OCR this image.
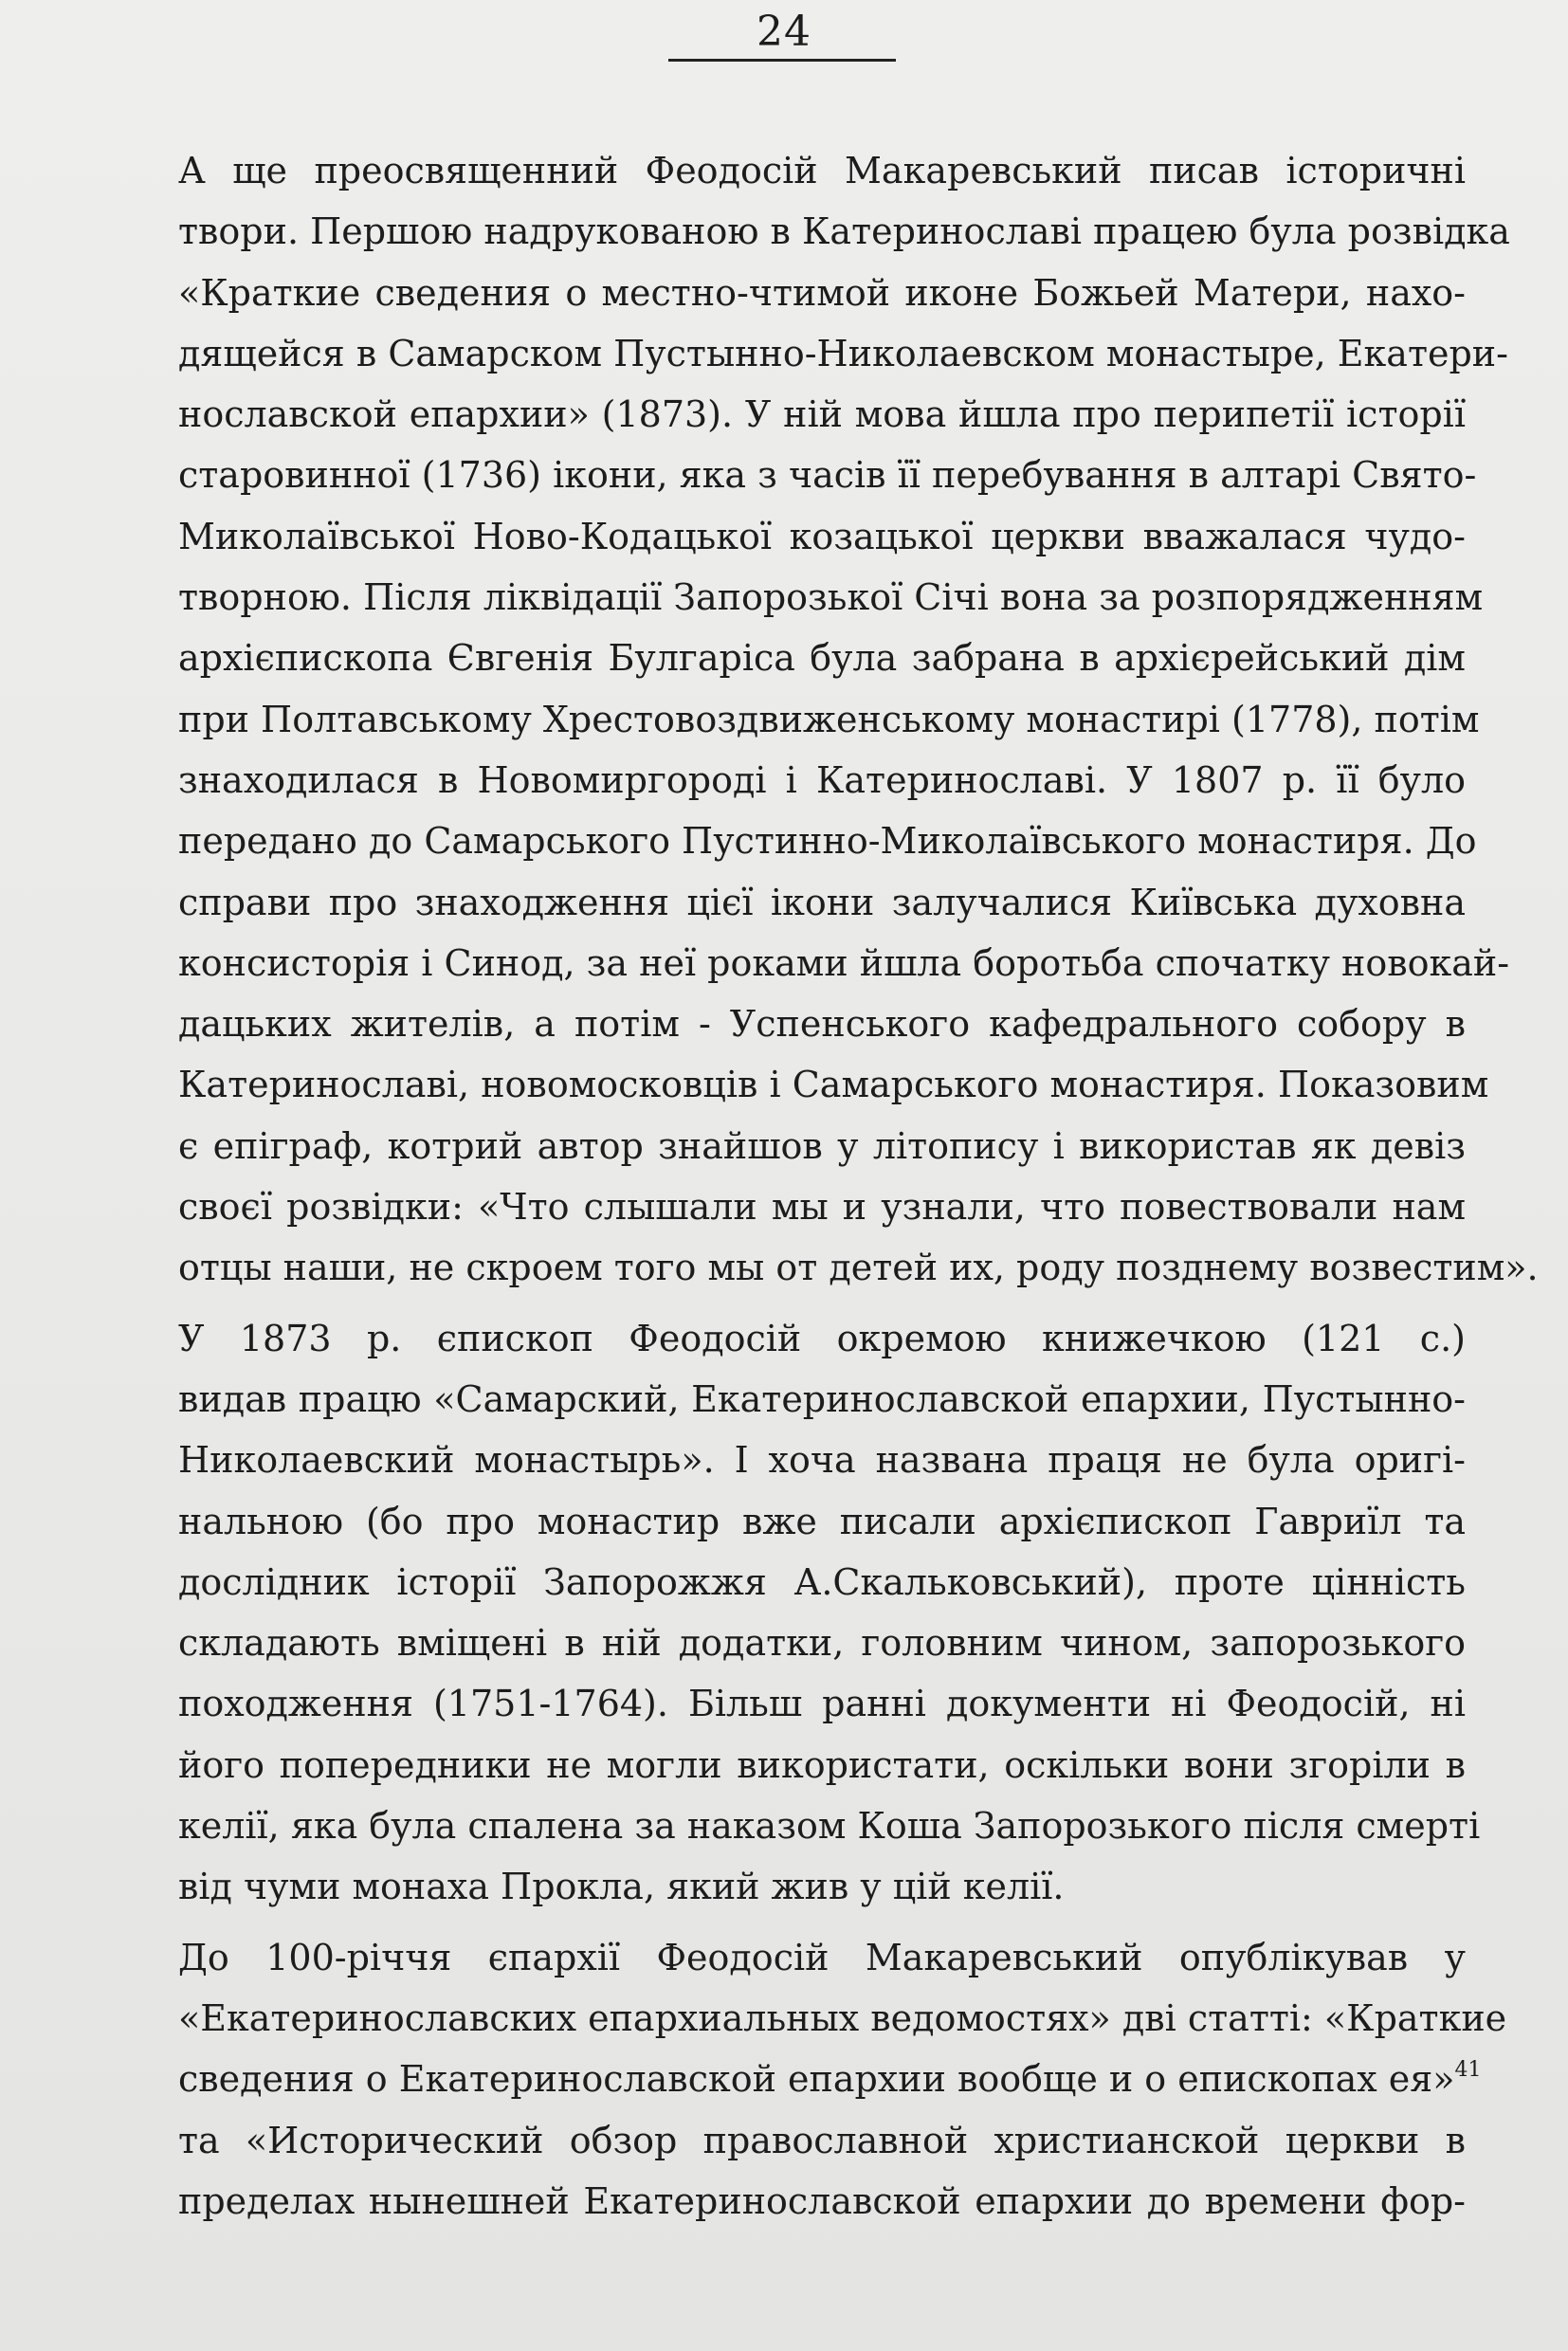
24

А ще преосвященний Феодосій Макаревський писав історичні
твори. Першою надрукованою в Катеринославі працею була розвідка
«Краткие сведения о местно-чтимой иконе Божьей Матери, нахо-
дящейся в Самарском Пустынно-Николаевском монастыре, Екатери-
нославской епархии» (1873). У ній мова йшла про перипетії історії
старовинної (1736) ікони, яка з часів її перебування в алтарі Свято-
Миколаївської Ново-Кодацької козацької церкви вважалася чудо-
творною. Після ліквідації Запорозької Січі вона за розпорядженням
архієпископа Євгенія Булгаріса була забрана в архієрейський дім
при Полтавському Хрестовоздвиженському монастирі (1778), потім
знаходилася в Новомиргороді і Катеринославі. У 1807 р. її було
передано до Самарського Пустинно-Миколаївського монастиря. До
справи про знаходження цієї ікони залучалися Київська духовна
консисторія і Синод, за неї роками йшла боротьба спочатку новокай-
дацьких жителів, а потім - Успенського кафедрального собору в
Катеринославі, новомосковців і Самарського монастиря. Показовим
є епіграф, котрий автор знайшов у літопису і використав як девіз
своєї розвідки: «Что слышали мы и узнали, что повествовали нам
отцы наши, не скроем того мы от детей их, роду позднему возвестим».

У 1873 р. єпископ Феодосій окремою книжечкою (121 с.)
видав працю «Самарский, Екатеринославской епархии, Пустынно-
Николаевский монастырь». І хоча названа праця не була оригі-
нальною (бо про монастир вже писали архієпископ Гавриїл та
дослідник історії Запорожжя А.Скальковський), проте цінність
складають вміщені в ній додатки, головним чином, запорозького
походження (1751-1764). Більш ранні документи ні Феодосій, ні
його попередники не могли використати, оскільки вони згоріли в
келії, яка була спалена за наказом Коша Запорозького після смерті
від чуми монаха Прокла, який жив у цій келії.

До 100-річчя єпархії Феодосій Макаревський опублікував у
«Екатеринославских епархиальных ведомостях» дві статті: «Краткие
сведения о Екатеринославской епархии вообще и о епископах ея»$^{41}$
та «Исторический обзор православной христианской церкви в
пределах нынешней Екатеринославской епархии до времени фор-
